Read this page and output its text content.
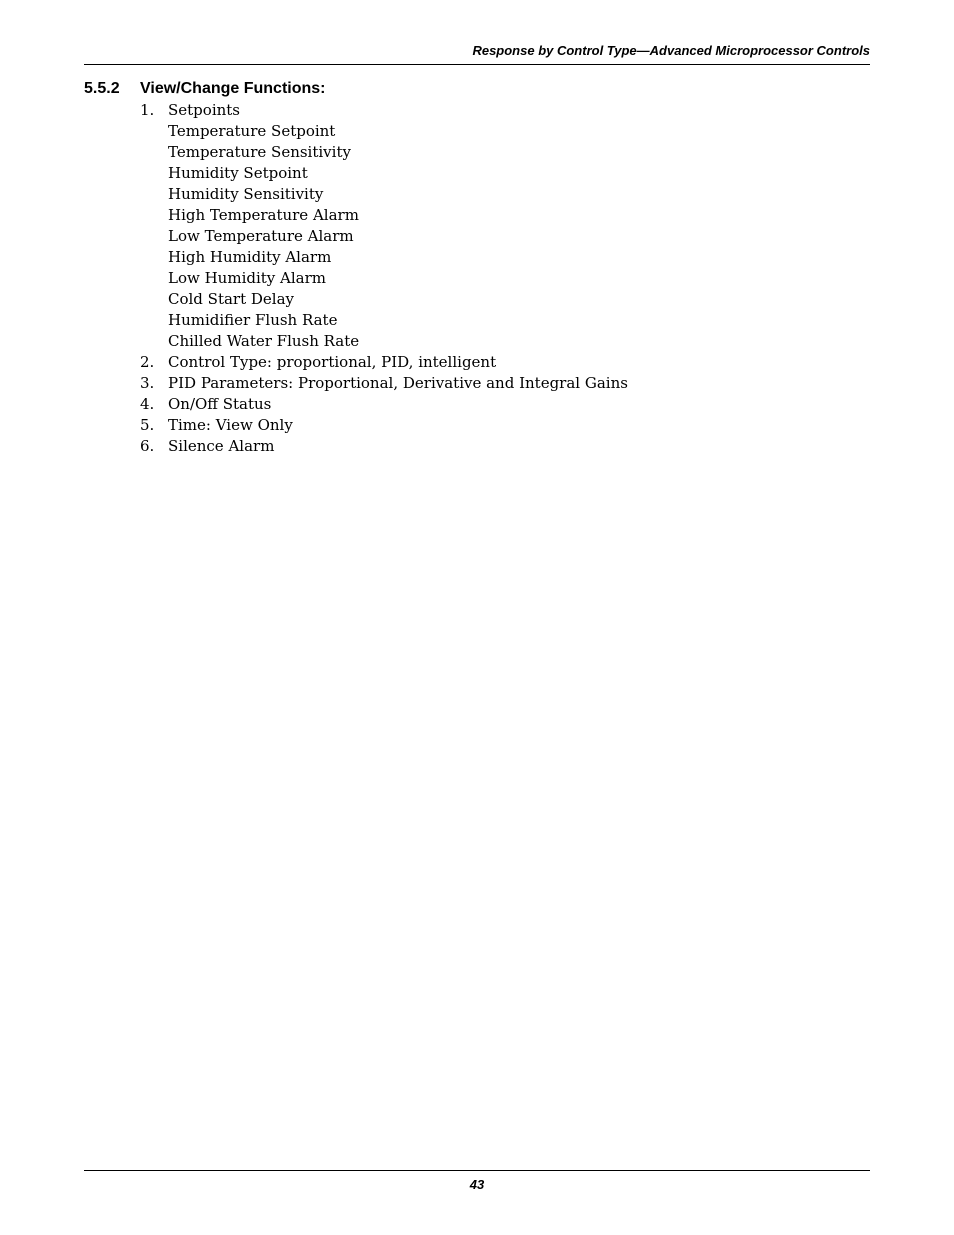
Response by Control Type—Advanced Microprocessor Controls
5.5.2 View/Change Functions:
1. Setpoints
Temperature Setpoint
Temperature Sensitivity
Humidity Setpoint
Humidity Sensitivity
High Temperature Alarm
Low Temperature Alarm
High Humidity Alarm
Low Humidity Alarm
Cold Start Delay
Humidifier Flush Rate
Chilled Water Flush Rate
2. Control Type: proportional, PID, intelligent
3. PID Parameters: Proportional, Derivative and Integral Gains
4. On/Off Status
5. Time: View Only
6. Silence Alarm
43
